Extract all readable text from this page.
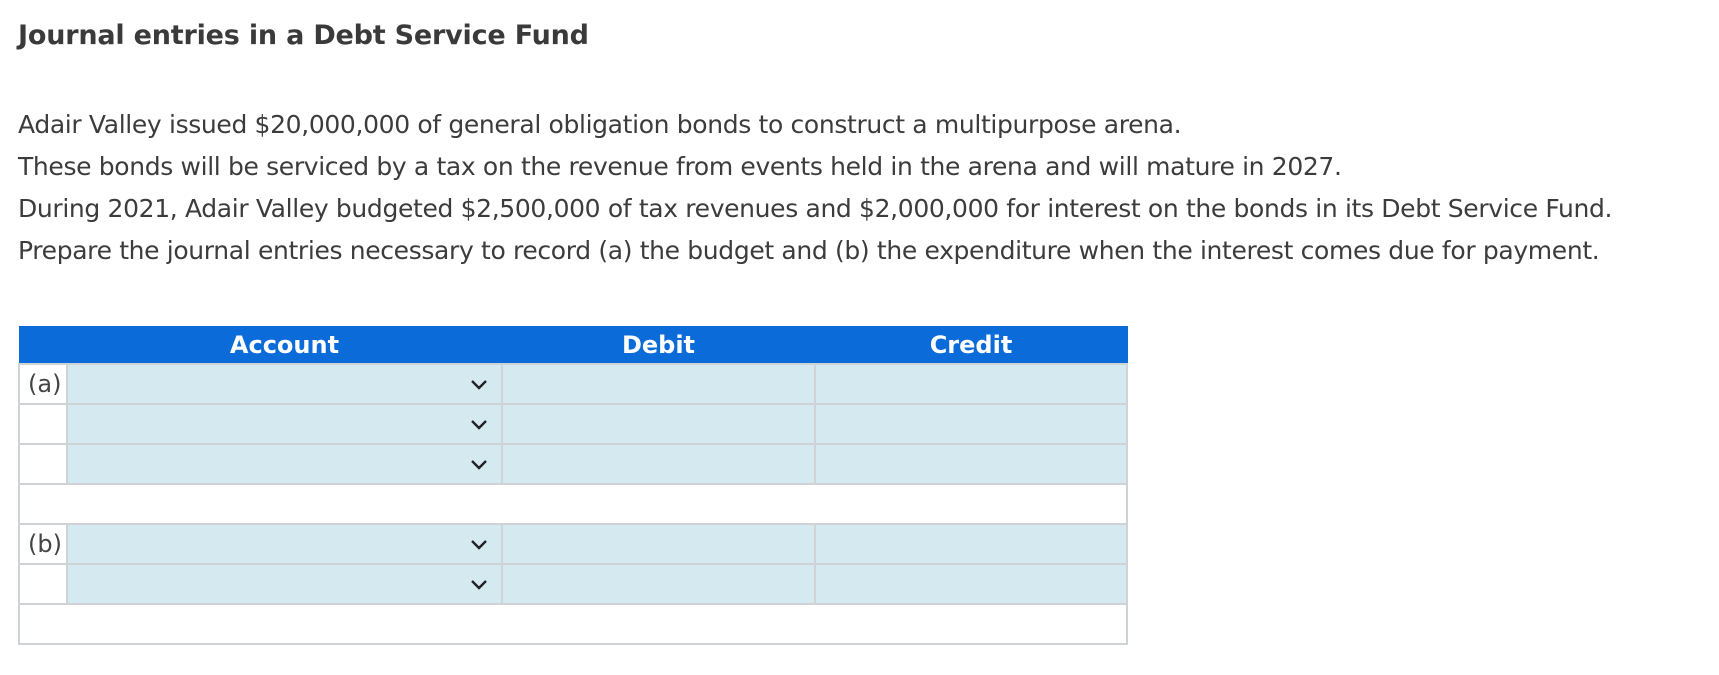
Journal entries in a Debt Service Fund
Adair Valley issued $20,000,000 of general obligation bonds to construct a multipurpose arena.
These bonds will be serviced by a tax on the revenue from events held in the arena and will mature in 2027.
During 2021, Adair Valley budgeted $2,500,000 of tax revenues and $2,000,000 for interest on the bonds in its Debt Service Fund.
Prepare the journal entries necessary to record (a) the budget and (b) the expenditure when the interest comes due for payment.
	Account	Debit	Credit
(a)	

(b)	
